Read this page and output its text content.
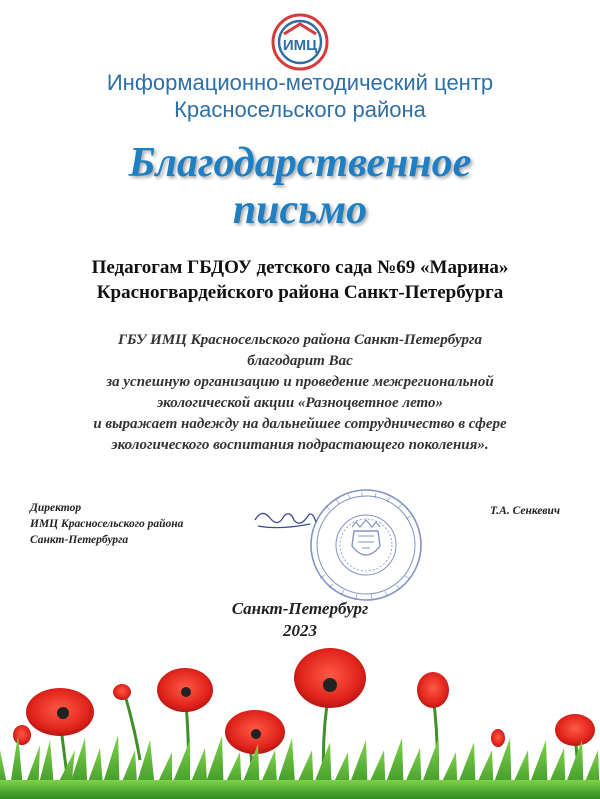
ИМЦ
Информационно-методический центр
Красносельского района
Благодарственное
письмо
Педагогам ГБДОУ детского сада №69 «Марина»
Красногвардейского района Санкт-Петербурга
ГБУ ИМЦ Красносельского района Санкт-Петербурга
благодарит Вас
за успешную организацию и проведение межрегиональной
экологической акции «Разноцветное лето»
и выражает надежду на дальнейшее сотрудничество в сфере
экологического воспитания подрастающего поколения».
Директор
ИМЦ Красносельского района
Санкт-Петербурга
Т.А. Сенкевич
Санкт-Петербург
2023
